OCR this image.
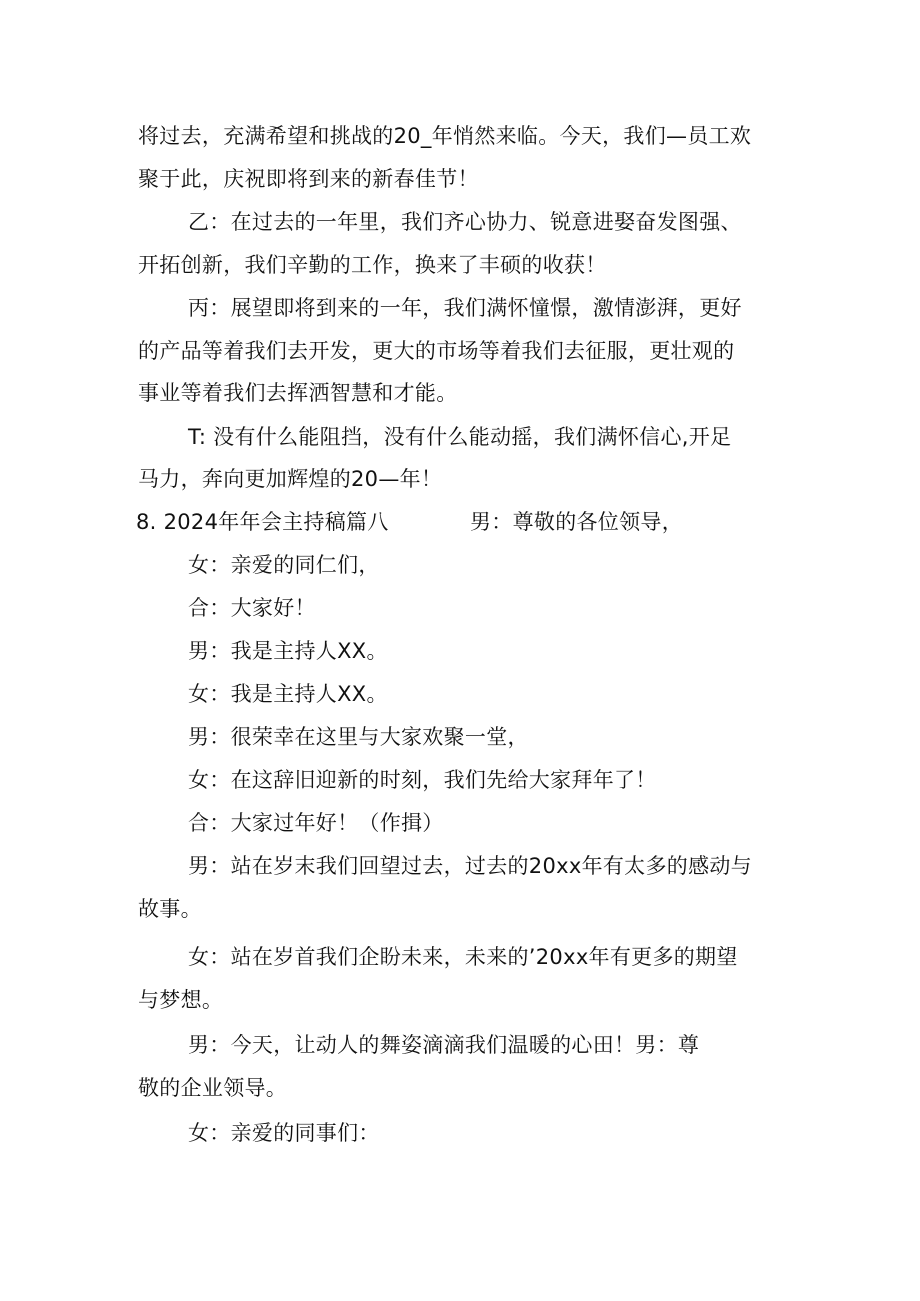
将过去，充满希望和挑战的20_年悄然来临。今天，我们—员工欢
聚于此，庆祝即将到来的新春佳节！
乙：在过去的一年里，我们齐心协力、锐意进娶奋发图强、
开拓创新，我们辛勤的工作，换来了丰硕的收获！
丙：展望即将到来的一年，我们满怀憧憬，激情澎湃，更好
的产品等着我们去开发，更大的市场等着我们去征服，更壮观的
事业等着我们去挥洒智慧和才能。
T: 没有什么能阻挡，没有什么能动摇，我们满怀信心,开足
马力，奔向更加辉煌的20—年！
8. 2024年年会主持稿篇八	男：尊敬的各位领导，
女：亲爱的同仁们，
合：大家好！
男：我是主持人XX。
女：我是主持人XX。
男：很荣幸在这里与大家欢聚一堂，
女：在这辞旧迎新的时刻，我们先给大家拜年了！
合：大家过年好！（作揖）
男：站在岁末我们回望过去，过去的20xx年有太多的感动与
故事。
女：站在岁首我们企盼未来，未来的’20xx年有更多的期望
与梦想。
男：今天，让动人的舞姿滴滴我们温暖的心田！男：尊
敬的企业领导。
女：亲爱的同事们：
